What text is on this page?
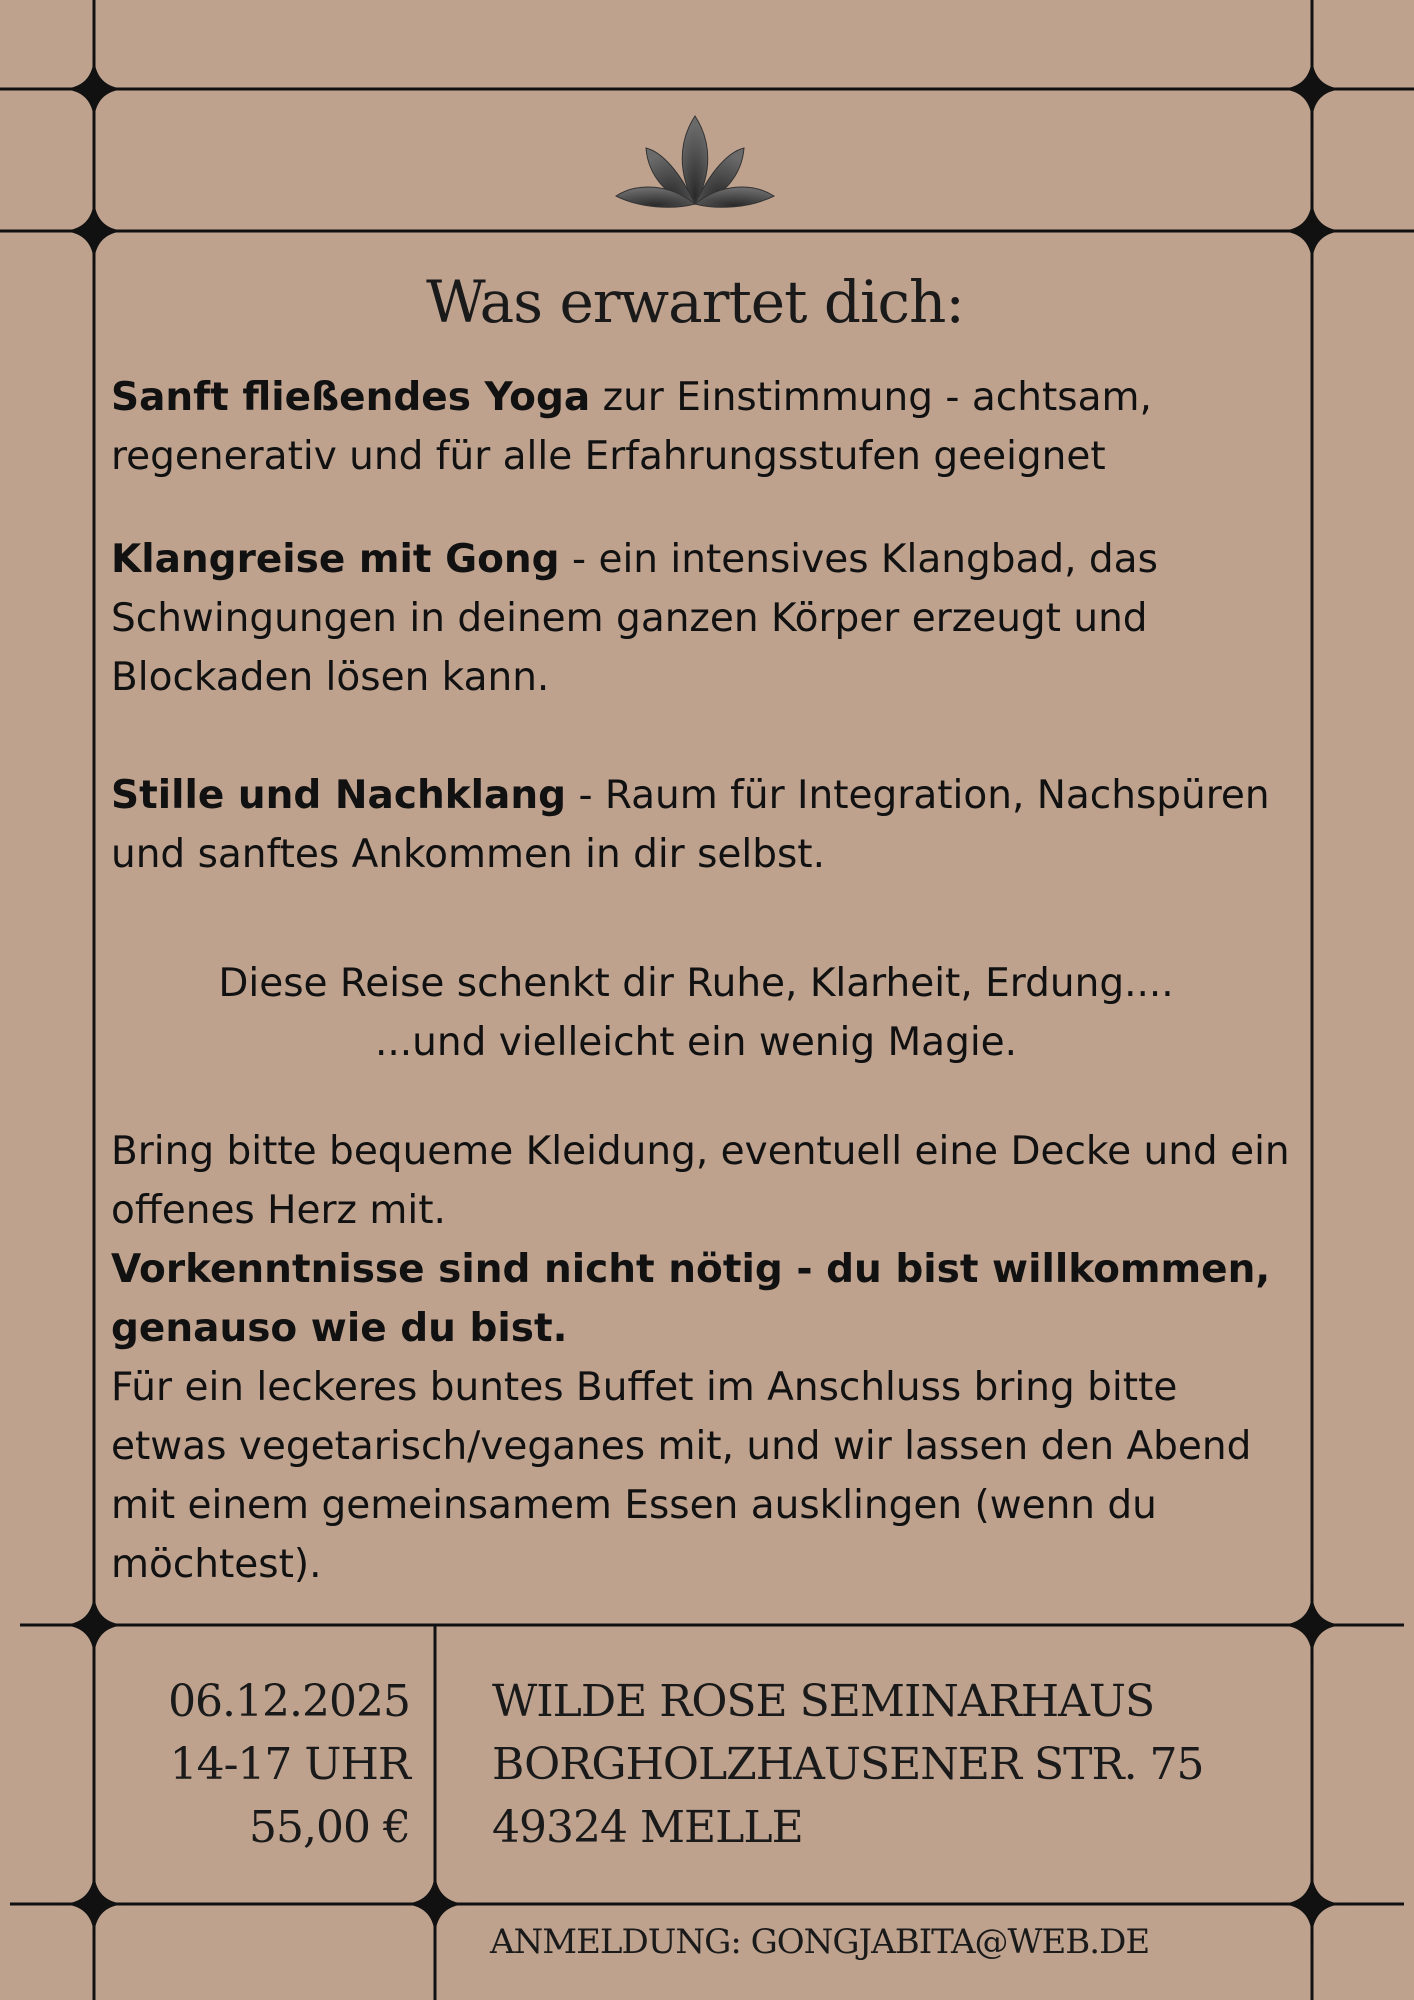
Was erwartet dich:

Sanft fließendes Yoga zur Einstimmung - achtsam, regenerativ und für alle Erfahrungsstufen geeignet

Klangreise mit Gong - ein intensives Klangbad, das Schwingungen in deinem ganzen Körper erzeugt und Blockaden lösen kann.

Stille und Nachklang - Raum für Integration, Nachspüren und sanftes Ankommen in dir selbst.

Diese Reise schenkt dir Ruhe, Klarheit, Erdung....
...und vielleicht ein wenig Magie.

Bring bitte bequeme Kleidung, eventuell eine Decke und ein offenes Herz mit.

Vorkenntnisse sind nicht nötig - du bist willkommen, genauso wie du bist.

Für ein leckeres buntes Buffet im Anschluss bring bitte etwas vegetarisch/veganes mit, und wir lassen den Abend mit einem gemeinsamem Essen ausklingen (wenn du möchtest).

06.12.2025
14-17 UHR
55,00 €
WILDE ROSE SEMINARHAUS
BORGHOLZHAUSENER STR. 75
49324 MELLE
ANMELDUNG: GONGJABITA@WEB.DE
